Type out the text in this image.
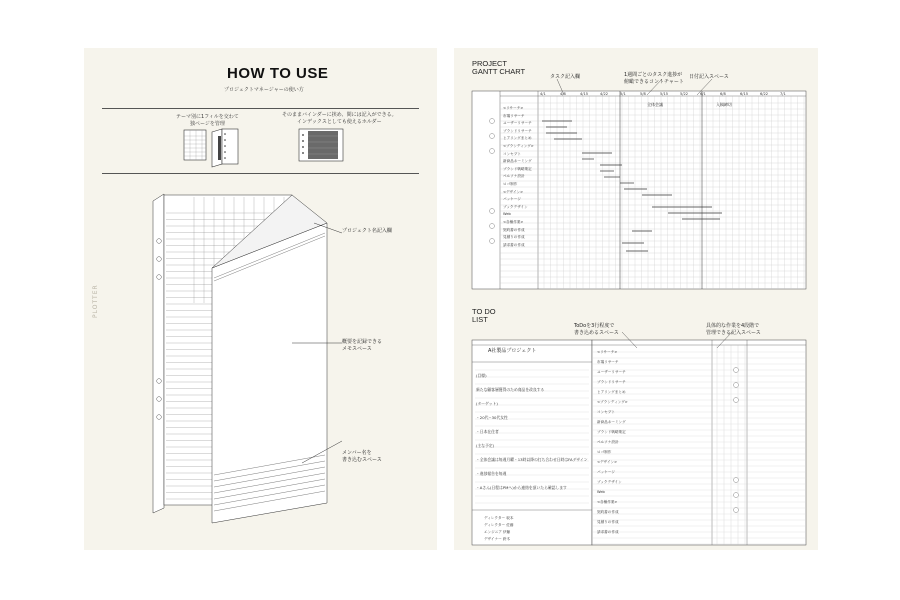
HOW TO USE
プロジェクトマネージャーの使い方
テーマ別に1フィルを交わて
独ページを管理
そのままバインダーに挟め、間には記入ができる。
インデックスとしても使えるホルダー
PLOTTER
プロジェクト名記入欄
概要を記録できる
メモスペース
メンバー名を
書き込むスペース
PROJECT
GANTT CHART
タスク記入欄	1週間ごとのタスク進捗が
俯瞰できるコントチャート
日付記入スペース
全体会議	入稿締切
4/1	4/8	4/15	4/22	5/1	5/8	5/15	5/22	6/1	6/8	6/15	6/22	7/1
<リサーチ>
市場リサーチ
ユーザーリサーチ
ブランドリサーチ
ヒアリングまとめ
<ブランディング>
コンセプト
新商品ネーミング
ブランド戦略策定
ペルソナ設計
ロゴ制作
<デザイン>
パッケージ
ブックデザイン
Web
<各種作業>
契約書の作成
見積りの作成
請求書の作成
TO DO
LIST
ToDoを3行程度で
書き込めるスペース
具体的な作業を4段階で
管理できる記入スペース
A社製品プロジェクト
(目標)
新たな顧客層獲得のため商品を改良する
(ターゲット)
・20代~30代女性
・日本在住者
(主な予定)
・全体会議は毎週月曜・13時以降の打ち合わせ日時はFAデザイン
・進捗報告を毎週
・Aさん(日程はPMへ)から連絡を頂いたら確認します
ディレクター 坂本
ディレクター 佐藤
エンジニア 伊藤
デザイナー 鈴木
<リサーチ>
市場リサーチ
ユーザーリサーチ
ブランドリサーチ
ヒアリングまとめ
<ブランディング>
コンセプト
新商品ネーミング
ブランド戦略策定
ペルソナ設計
ロゴ制作
<デザイン>
パッケージ
ブックデザイン
Web
<各種作業>
契約書の作成
見積りの作成
請求書の作成
